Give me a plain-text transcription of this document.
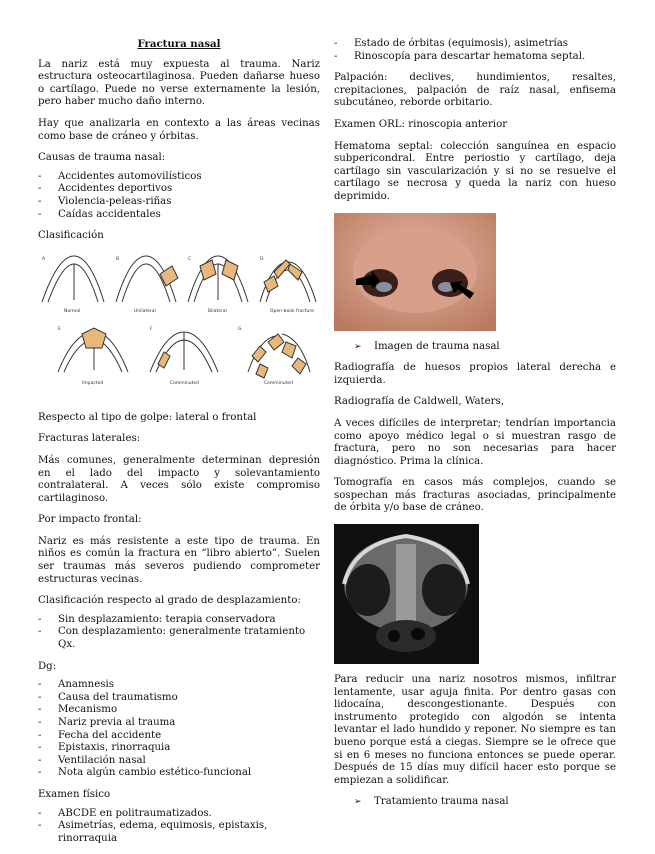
Fractura nasal

La nariz está muy expuesta al trauma. Nariz estructura osteocartilaginosa. Pueden dañarse hueso o cartílago. Puede no verse externamente la lesión, pero haber mucho daño interno.

Hay que analizarla en contexto a las áreas vecinas como base de cráneo y órbitas.

Causas de trauma nasal:

- Accidentes automovilísticos
- Accidentes deportivos
- Violencia-peleas-riñas
- Caídas accidentales

Clasificación

A	B	C	D
E	F	G
Normal	Unilateral	Bilateral	Open-book fracture
Impacted	Comminuted	Comminuted

Respecto al tipo de golpe: lateral o frontal

Fracturas laterales:

Más comunes, generalmente determinan depresión en el lado del impacto y solevantamiento contralateral. A veces sólo existe compromiso cartilaginoso.

Por impacto frontal:

Nariz es más resistente a este tipo de trauma. En niños es común la fractura en “libro abierto”. Suelen ser traumas más severos pudiendo comprometer estructuras vecinas.

Clasificación respecto al grado de desplazamiento:

- Sin desplazamiento: terapia conservadora
- Con desplazamiento: generalmente tratamiento Qx.

Dg:

- Anamnesis
- Causa del traumatismo
- Mecanismo
- Nariz previa al trauma
- Fecha del accidente
- Epistaxis, rinorraquia
- Ventilación nasal
- Nota algún cambio estético-funcional

Examen físico

- ABCDE en politraumatizados.
- Asimetrías, edema, equimosis, epistaxis, rinorraquia
- Estado de órbitas (equimosis), asimetrías
- Rinoscopía para descartar hematoma septal.

Palpación: declives, hundimientos, resaltes, crepitaciones, palpación de raíz nasal, enfisema subcutáneo, reborde orbitario.

Examen ORL: rinoscopia anterior

Hematoma septal: colección sanguínea en espacio subpericondral. Entre periostio y cartílago, deja cartílago sin vascularización y si no se resuelve el cartílago se necrosa y queda la nariz con hueso deprimido.

➢ Imagen de trauma nasal

Radiografía de huesos propios lateral derecha e izquierda.

Radiografía de Caldwell, Waters,

A veces difíciles de interpretar; tendrían importancia como apoyo médico legal o si muestran rasgo de fractura, pero no son necesarias para hacer diagnóstico. Prima la clínica.

Tomografía en casos más complejos, cuando se sospechan más fracturas asociadas, principalmente de órbita y/o base de cráneo.

Para reducir una nariz nosotros mismos, infiltrar lentamente, usar aguja finita. Por dentro gasas con lidocaína, descongestionante. Después con instrumento protegido con algodón se intenta levantar el lado hundido y reponer. No siempre es tan bueno porque está a ciegas. Siempre se le ofrece que si en 6 meses no funciona entonces se puede operar. Después de 15 días muy difícil hacer esto porque se empiezan a solidificar.

➢ Tratamiento trauma nasal
